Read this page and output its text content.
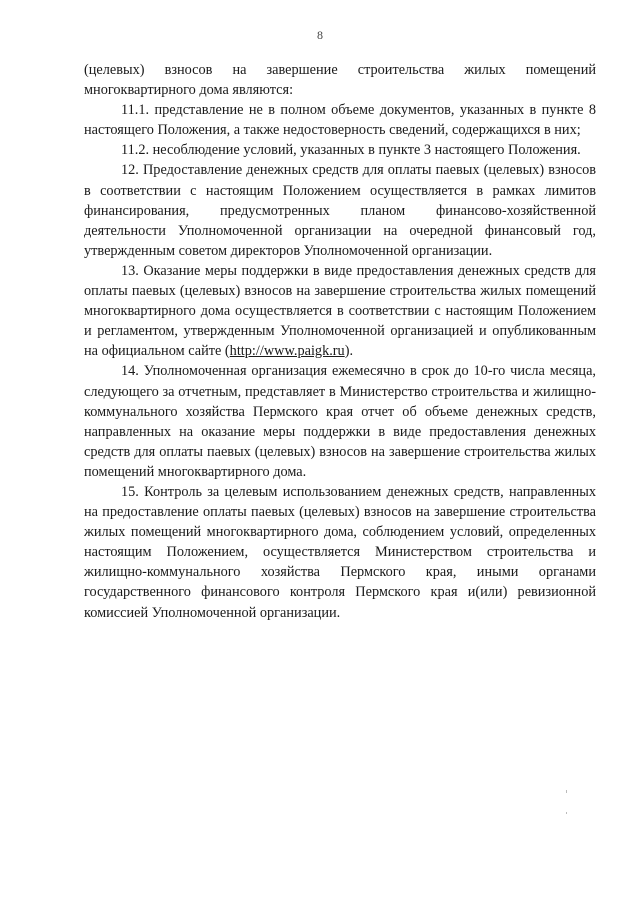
8

(целевых) взносов на завершение строительства жилых помещений многоквартирного дома являются:

11.1. представление не в полном объеме документов, указанных в пункте 8 настоящего Положения, а также недостоверность сведений, содержащихся в них;

11.2. несоблюдение условий, указанных в пункте 3 настоящего Положения.

12. Предоставление денежных средств для оплаты паевых (целевых) взносов в соответствии с настоящим Положением осуществляется в рамках лимитов финансирования, предусмотренных планом финансово-хозяйственной деятельности Уполномоченной организации на очередной финансовый год, утвержденным советом директоров Уполномоченной организации.

13. Оказание меры поддержки в виде предоставления денежных средств для оплаты паевых (целевых) взносов на завершение строительства жилых помещений многоквартирного дома осуществляется в соответствии с настоящим Положением и регламентом, утвержденным Уполномоченной организацией и опубликованным на официальном сайте (http://www.paigk.ru).

14. Уполномоченная организация ежемесячно в срок до 10-го числа месяца, следующего за отчетным, представляет в Министерство строительства и жилищно-коммунального хозяйства Пермского края отчет об объеме денежных средств, направленных на оказание меры поддержки в виде предоставления денежных средств для оплаты паевых (целевых) взносов на завершение строительства жилых помещений многоквартирного дома.

15. Контроль за целевым использованием денежных средств, направленных на предоставление оплаты паевых (целевых) взносов на завершение строительства жилых помещений многоквартирного дома, соблюдением условий, определенных настоящим Положением, осуществляется Министерством строительства и жилищно-коммунального хозяйства Пермского края, иными органами государственного финансового контроля Пермского края и(или) ревизионной комиссией Уполномоченной организации.
